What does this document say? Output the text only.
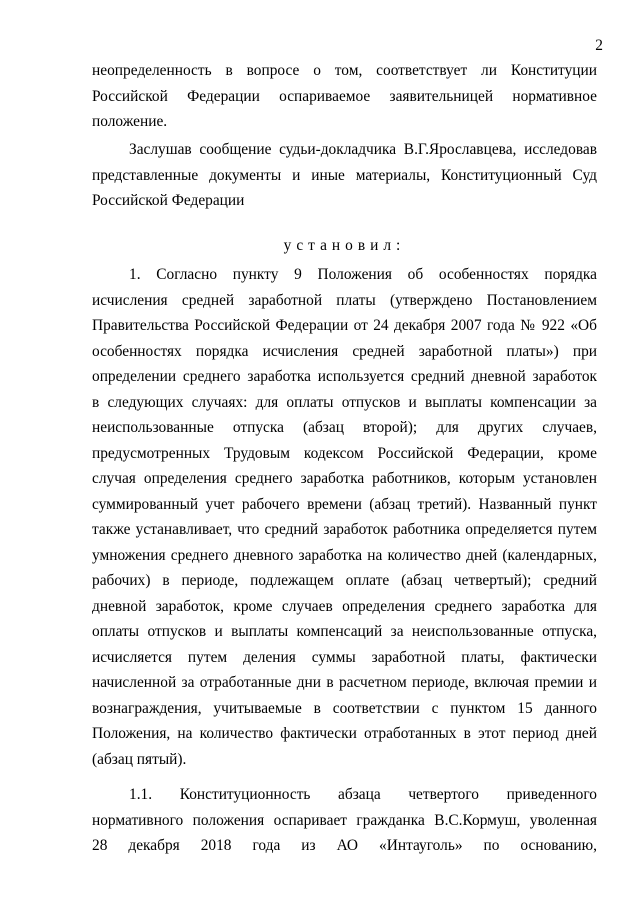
2
неопределенность в вопросе о том, соответствует ли Конституции
Российской Федерации оспариваемое заявительницей нормативное
положение.
Заслушав сообщение судьи-докладчика В.Г.Ярославцева, исследовав
представленные документы и иные материалы, Конституционный Суд
Российской Федерации
установил:
1. Согласно пункту 9 Положения об особенностях порядка
исчисления средней заработной платы (утверждено Постановлением
Правительства Российской Федерации от 24 декабря 2007 года № 922 «Об
особенностях порядка исчисления средней заработной платы») при
определении среднего заработка используется средний дневной заработок
в следующих случаях: для оплаты отпусков и выплаты компенсации за
неиспользованные отпуска (абзац второй); для других случаев,
предусмотренных Трудовым кодексом Российской Федерации, кроме
случая определения среднего заработка работников, которым установлен
суммированный учет рабочего времени (абзац третий). Названный пункт
также устанавливает, что средний заработок работника определяется путем
умножения среднего дневного заработка на количество дней (календарных,
рабочих) в периоде, подлежащем оплате (абзац четвертый); средний
дневной заработок, кроме случаев определения среднего заработка для
оплаты отпусков и выплаты компенсаций за неиспользованные отпуска,
исчисляется путем деления суммы заработной платы, фактически
начисленной за отработанные дни в расчетном периоде, включая премии и
вознаграждения, учитываемые в соответствии с пунктом 15 данного
Положения, на количество фактически отработанных в этот период дней
(абзац пятый).
1.1. Конституционность абзаца четвертого приведенного
нормативного положения оспаривает гражданка В.С.Кормуш, уволенная
28 декабря 2018 года из АО «Интауголь» по основанию,
